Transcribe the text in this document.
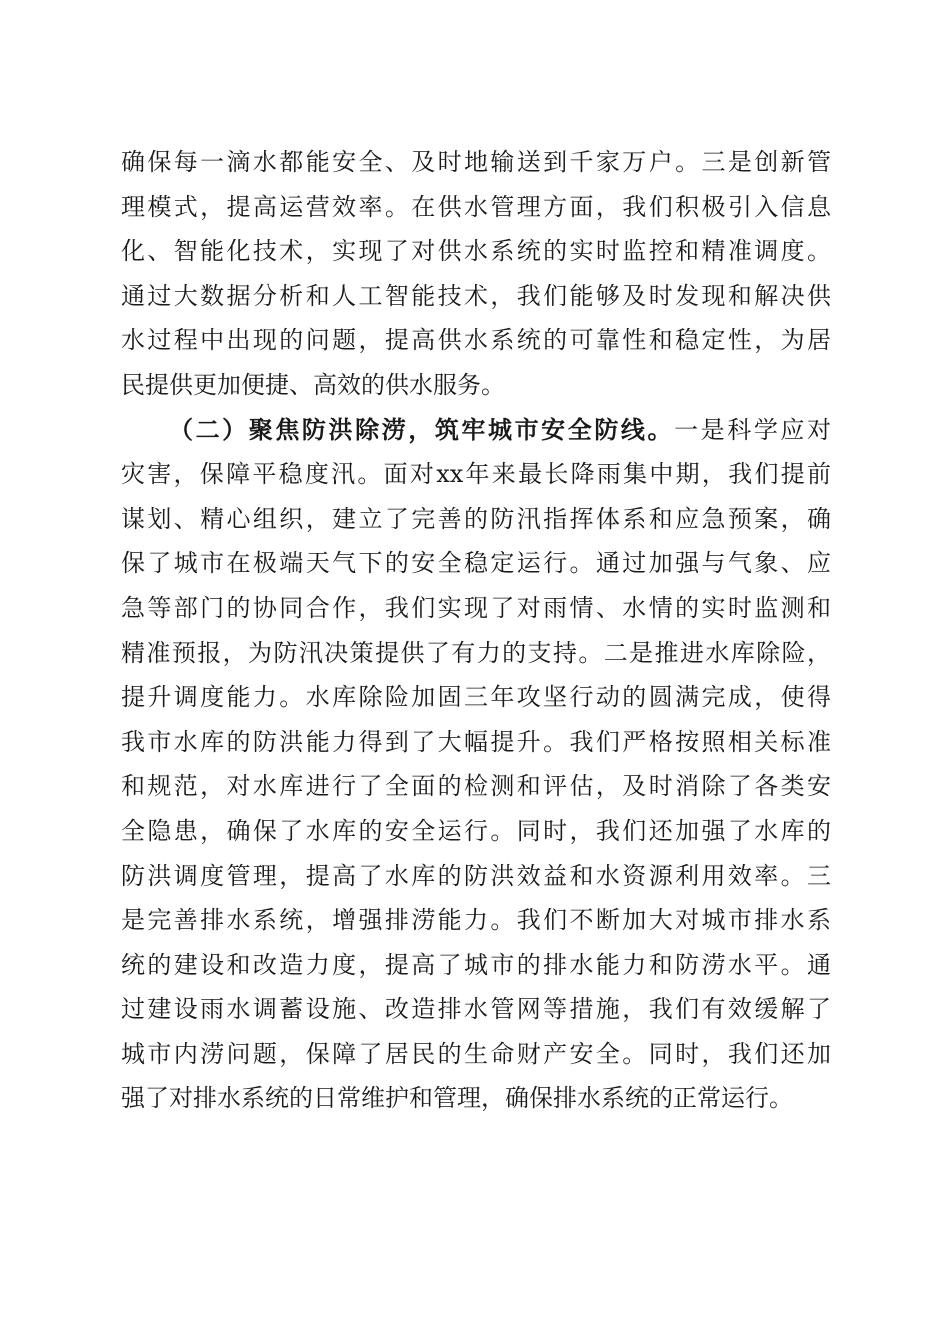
确保每一滴水都能安全、及时地输送到千家万户。三是创新管
理模式，提高运营效率。在供水管理方面，我们积极引入信息
化、智能化技术，实现了对供水系统的实时监控和精准调度。
通过大数据分析和人工智能技术，我们能够及时发现和解决供
水过程中出现的问题，提高供水系统的可靠性和稳定性，为居
民提供更加便捷、高效的供水服务。
（二）聚焦防洪除涝，筑牢城市安全防线。一是科学应对
灾害，保障平稳度汛。面对xx年来最长降雨集中期，我们提前
谋划、精心组织，建立了完善的防汛指挥体系和应急预案，确
保了城市在极端天气下的安全稳定运行。通过加强与气象、应
急等部门的协同合作，我们实现了对雨情、水情的实时监测和
精准预报，为防汛决策提供了有力的支持。二是推进水库除险，
提升调度能力。水库除险加固三年攻坚行动的圆满完成，使得
我市水库的防洪能力得到了大幅提升。我们严格按照相关标准
和规范，对水库进行了全面的检测和评估，及时消除了各类安
全隐患，确保了水库的安全运行。同时，我们还加强了水库的
防洪调度管理，提高了水库的防洪效益和水资源利用效率。三
是完善排水系统，增强排涝能力。我们不断加大对城市排水系
统的建设和改造力度，提高了城市的排水能力和防涝水平。通
过建设雨水调蓄设施、改造排水管网等措施，我们有效缓解了
城市内涝问题，保障了居民的生命财产安全。同时，我们还加
强了对排水系统的日常维护和管理，确保排水系统的正常运行。
